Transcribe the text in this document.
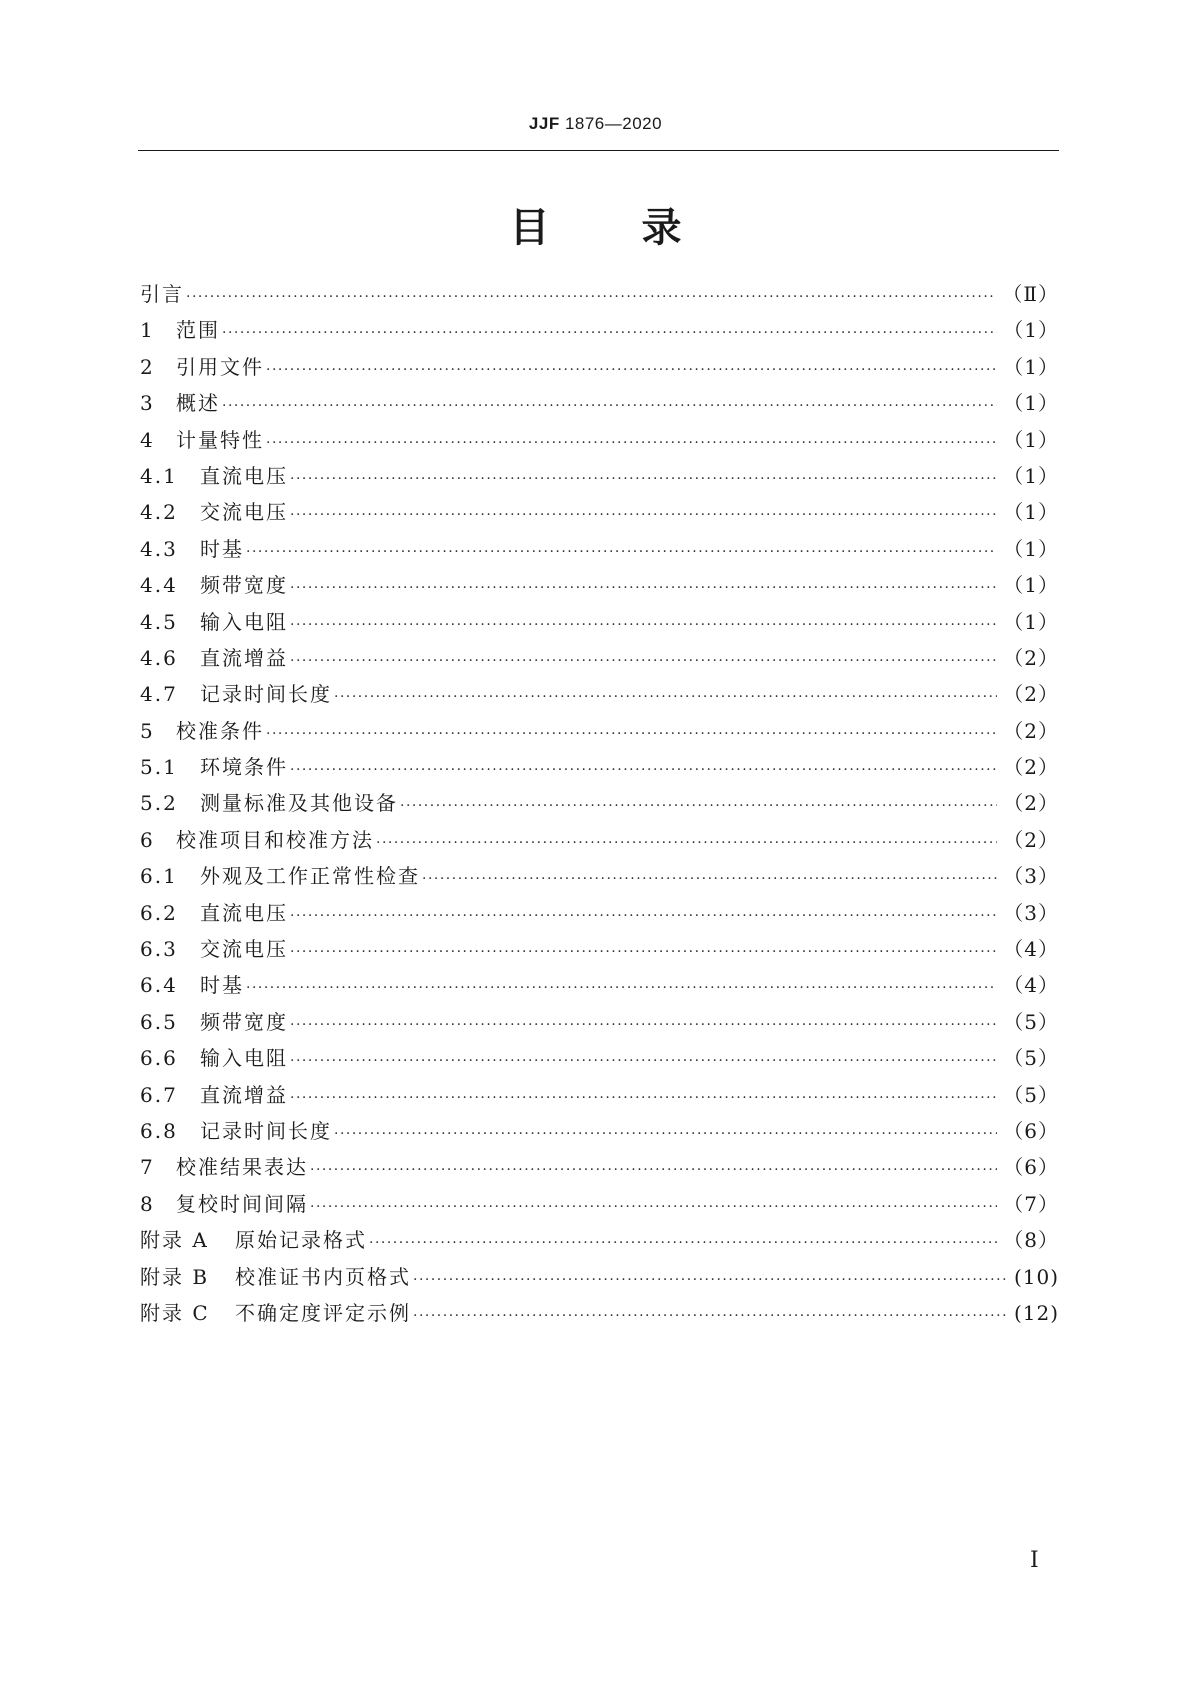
JJF 1876—2020
目 录
引言 ·····	（Ⅱ）
1	范围 ·····	（1）
2	引用文件 ·····	（1）
3	概述 ·····	（1）
4	计量特性 ·····	（1）
4.1	直流电压 ·····	（1）
4.2	交流电压 ·····	（1）
4.3	时基 ·····	（1）
4.4	频带宽度 ·····	（1）
4.5	输入电阻 ·····	（1）
4.6	直流增益 ·····	（2）
4.7	记录时间长度 ·····	（2）
5	校准条件 ·····	（2）
5.1	环境条件 ·····	（2）
5.2	测量标准及其他设备 ·····	（2）
6	校准项目和校准方法 ·····	（2）
6.1	外观及工作正常性检查 ·····	（3）
6.2	直流电压 ·····	（3）
6.3	交流电压 ·····	（4）
6.4	时基 ·····	（4）
6.5	频带宽度 ·····	（5）
6.6	输入电阻 ·····	（5）
6.7	直流增益 ·····	（5）
6.8	记录时间长度 ·····	（6）
7	校准结果表达 ·····	（6）
8	复校时间间隔 ·····	（7）
附录 A	原始记录格式 ·····	（8）
附录 B	校准证书内页格式 ·····	(10)
附录 C	不确定度评定示例 ·····	(12)
Ⅰ
